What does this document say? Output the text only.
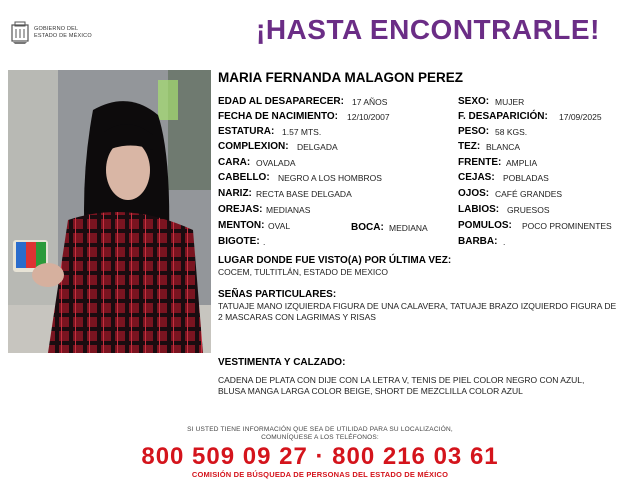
GOBIERNO DEL
ESTADO DE MÉXICO	¡HASTA ENCONTRARLE!
MARIA FERNANDA MALAGON PEREZ
EDAD AL DESAPARECER: 17 AÑOS
FECHA DE NACIMIENTO: 12/10/2007
ESTATURA: 1.57 MTS.
COMPLEXION: DELGADA
CARA: OVALADA
CABELLO: NEGRO A LOS HOMBROS
NARIZ: RECTA BASE DELGADA
OREJAS: MEDIANAS
MENTON: OVAL	BOCA: MEDIANA
BIGOTE: .
SEXO: MUJER
F. DESAPARICIÓN: 17/09/2025
PESO: 58 KGS.
TEZ: BLANCA
FRENTE: AMPLIA
CEJAS: POBLADAS
OJOS: CAFÉ GRANDES
LABIOS: GRUESOS
POMULOS: POCO PROMINENTES
BARBA: .
LUGAR DONDE FUE VISTO(A) POR ÚLTIMA VEZ:
COCEM, TULTITLÁN, ESTADO DE MEXICO
SEÑAS PARTICULARES:
TATUAJE MANO IZQUIERDA FIGURA DE UNA CALAVERA, TATUAJE BRAZO IZQUIERDO FIGURA DE 2 MASCARAS CON LAGRIMAS Y RISAS
VESTIMENTA Y CALZADO:
CADENA DE PLATA CON DIJE CON LA LETRA V, TENIS DE PIEL COLOR NEGRO CON AZUL, BLUSA MANGA LARGA COLOR BEIGE, SHORT DE MEZCLILLA COLOR AZUL
SI USTED TIENE INFORMACIÓN QUE SEA DE UTILIDAD PARA SU LOCALIZACIÓN,
COMUNÍQUESE A LOS TELÉFONOS:
800 509 09 27 · 800 216 03 61
COMISIÓN DE BÚSQUEDA DE PERSONAS DEL ESTADO DE MÉXICO
